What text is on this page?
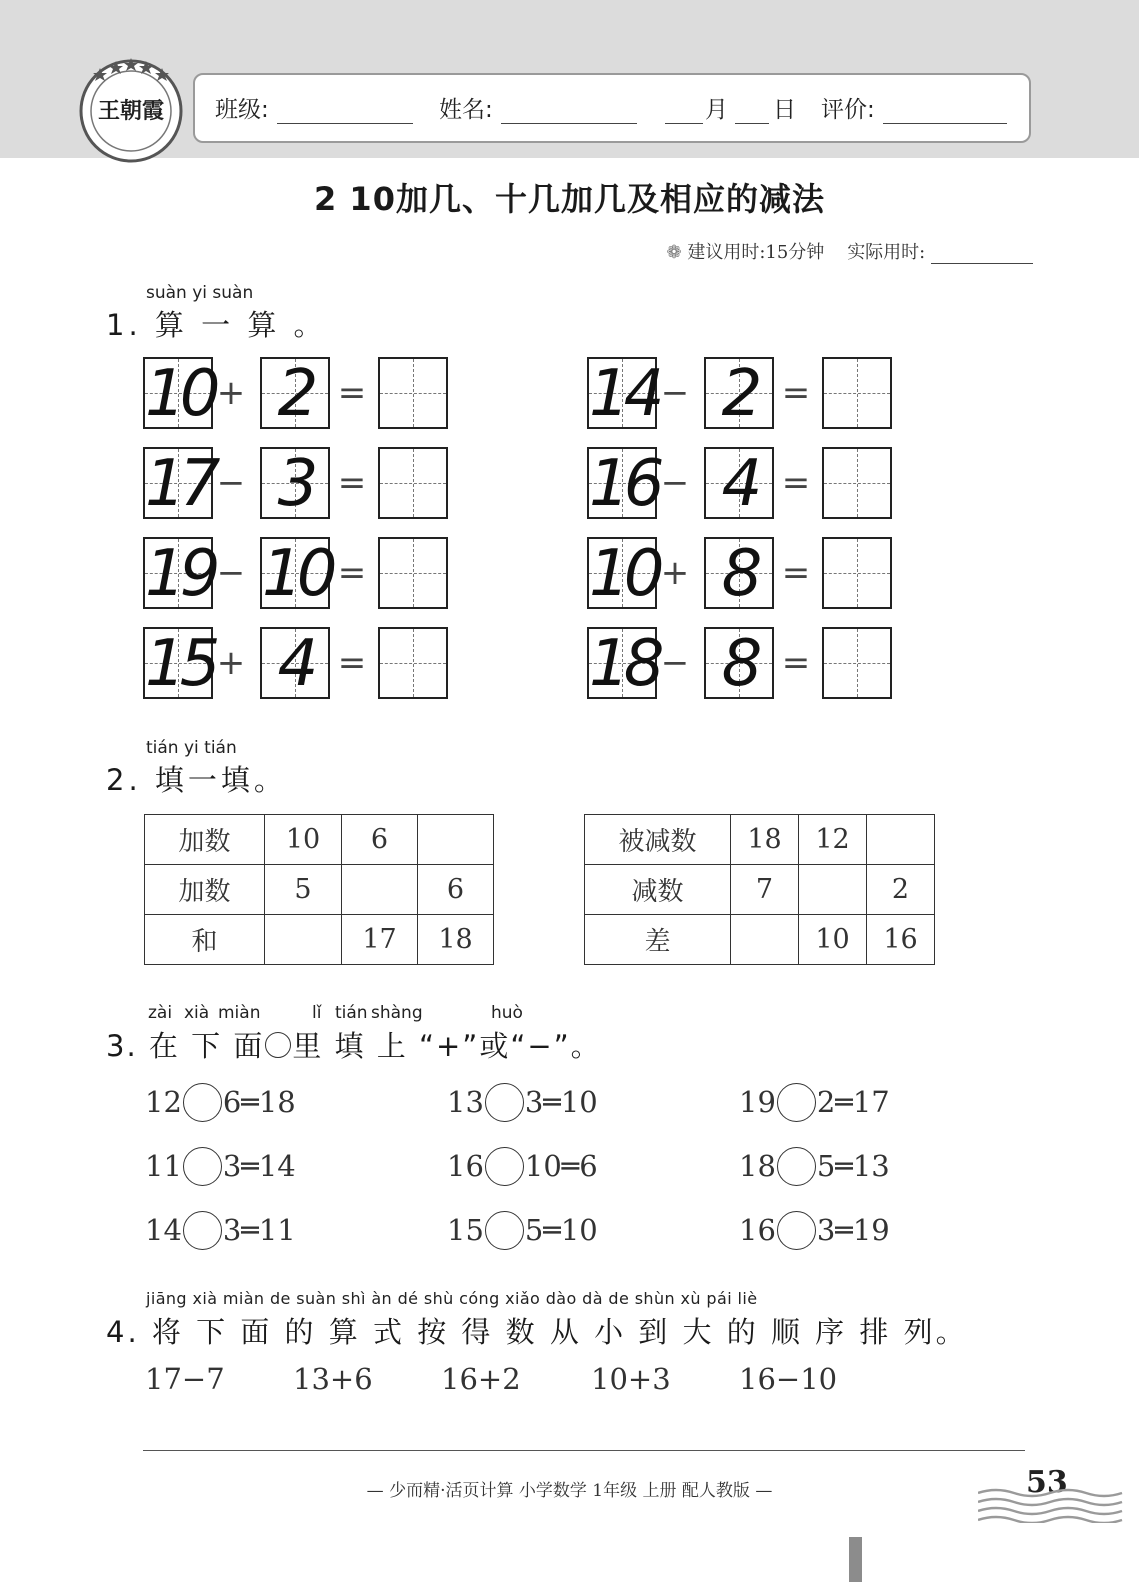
王朝霞 班级:	姓名:	月 日 评价:
2 10加几、十几加几及相应的减法
❁ 建议用时:15分钟 实际用时:
suàn yi suàn
1. 算 一 算 。
10 + 2 =	14 − 2 =
17 − 3 =	16 − 4 =
19 − 10 =	10 + 8 =
15 + 4 =	18 − 8 =
tián yi tián
2. 填一填。
加数	10	6	
加数	5		6
和		17	18
被减数	18	12	
减数	7		2
差		10	16
zài xià miàn	lǐ tián shàng	huò
3. 在 下 面 里 填 上 “+”或“−”。
12 6═18	13 3═10	19 2═17
11 3═14	16 10═6	18 5═13
14 3═11	15 5═10	16 3═19
jiāng xià miàn de suàn shì àn dé shù cóng xiǎo dào dà de shùn xù pái liè
4. 将 下 面 的 算 式 按 得 数 从 小 到 大 的 顺 序 排 列。
17−7 13+6 16+2 10+3 16−10
— 少而精·活页计算 小学数学 1年级 上册 配人教版 —	53
